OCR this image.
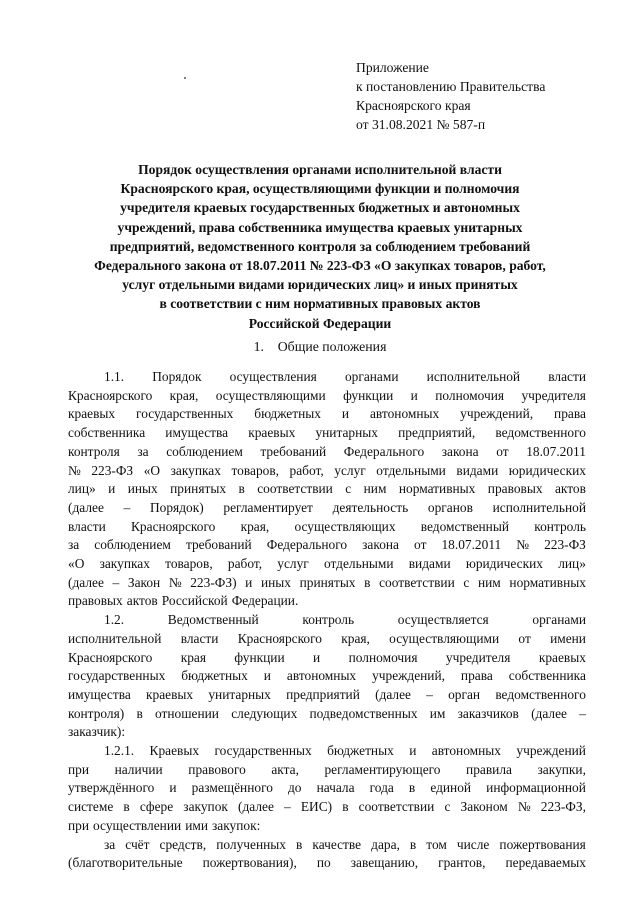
Приложение
к постановлению Правительства
Красноярского края
от 31.08.2021 № 587-п
Порядок осуществления органами исполнительной власти
Красноярского края, осуществляющими функции и полномочия
учредителя краевых государственных бюджетных и автономных
учреждений, права собственника имущества краевых унитарных
предприятий, ведомственного контроля за соблюдением требований
Федерального закона от 18.07.2011 № 223-ФЗ «О закупках товаров, работ,
услуг отдельными видами юридических лиц» и иных принятых
в соответствии с ним нормативных правовых актов
Российской Федерации
1.    Общие положения
1.1. Порядок осуществления органами исполнительной власти
Красноярского края, осуществляющими функции и полномочия учредителя
краевых государственных бюджетных и автономных учреждений, права
собственника имущества краевых унитарных предприятий, ведомственного
контроля за соблюдением требований Федерального закона от 18.07.2011
№ 223-ФЗ «О закупках товаров, работ, услуг отдельными видами юридических
лиц» и иных принятых в соответствии с ним нормативных правовых актов
(далее – Порядок) регламентирует деятельность органов исполнительной
власти Красноярского края, осуществляющих ведомственный контроль
за соблюдением требований Федерального закона от 18.07.2011 № 223-ФЗ
«О закупках товаров, работ, услуг отдельными видами юридических лиц»
(далее – Закон № 223-ФЗ) и иных принятых в соответствии с ним нормативных
правовых актов Российской Федерации.
1.2.	Ведомственный	контроль	осуществляется	органами
исполнительной власти Красноярского края, осуществляющими от имени
Красноярского края функции и полномочия учредителя краевых
государственных бюджетных и автономных учреждений, права собственника
имущества краевых унитарных предприятий (далее – орган ведомственного
контроля) в отношении следующих подведомственных им заказчиков (далее –
заказчик):
1.2.1. Краевых государственных бюджетных и автономных учреждений
при наличии правового акта, регламентирующего правила закупки,
утверждённого и размещённого до начала года в единой информационной
системе в сфере закупок (далее – ЕИС) в соответствии с Законом № 223-ФЗ,
при осуществлении ими закупок:
за счёт средств, полученных в качестве дара, в том числе пожертвования
(благотворительные пожертвования), по завещанию, грантов, передаваемых
